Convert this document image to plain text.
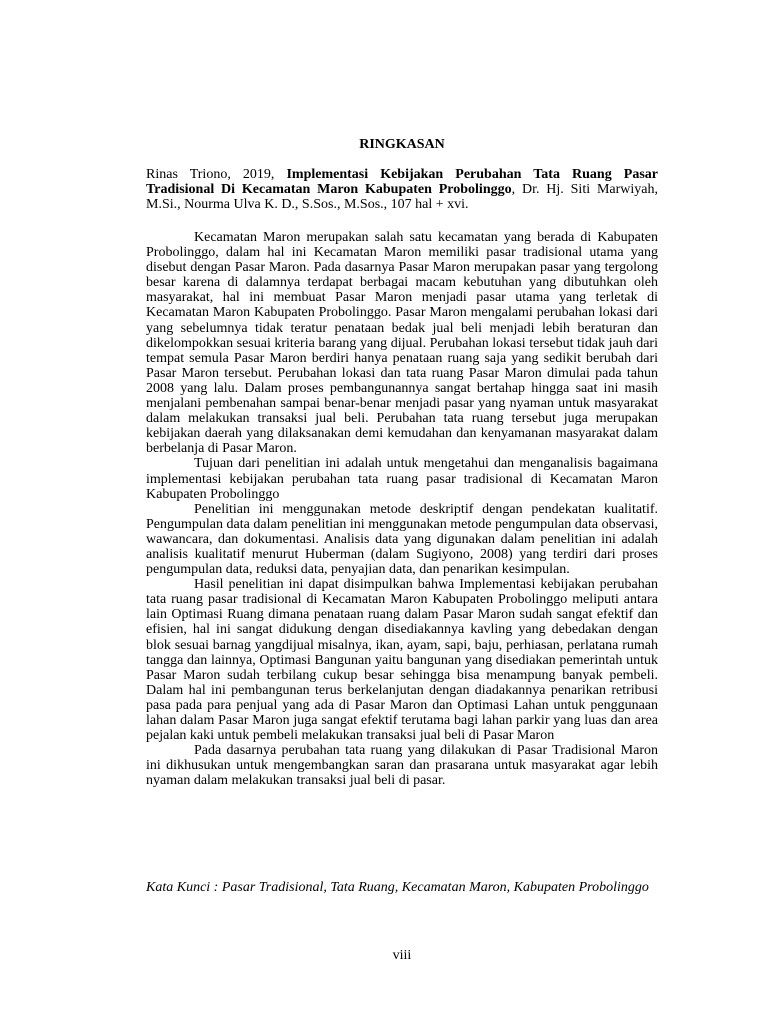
RINGKASAN

Rinas Triono, 2019, Implementasi Kebijakan Perubahan Tata Ruang Pasar Tradisional Di Kecamatan Maron Kabupaten Probolinggo, Dr. Hj. Siti Marwiyah, M.Si., Nourma Ulva K. D., S.Sos., M.Sos., 107 hal + xvi.

Kecamatan Maron merupakan salah satu kecamatan yang berada di Kabupaten Probolinggo, dalam hal ini Kecamatan Maron memiliki pasar tradisional utama yang disebut dengan Pasar Maron. Pada dasarnya Pasar Maron merupakan pasar yang tergolong besar karena di dalamnya terdapat berbagai macam kebutuhan yang dibutuhkan oleh masyarakat, hal ini membuat Pasar Maron menjadi pasar utama yang terletak di Kecamatan Maron Kabupaten Probolinggo. Pasar Maron mengalami perubahan lokasi dari yang sebelumnya tidak teratur penataan bedak jual beli menjadi lebih beraturan dan dikelompokkan sesuai kriteria barang yang dijual. Perubahan lokasi tersebut tidak jauh dari tempat semula Pasar Maron berdiri hanya penataan ruang saja yang sedikit berubah dari Pasar Maron tersebut. Perubahan lokasi dan tata ruang Pasar Maron dimulai pada tahun 2008 yang lalu. Dalam proses pembangunannya sangat bertahap hingga saat ini masih menjalani pembenahan sampai benar-benar menjadi pasar yang nyaman untuk masyarakat dalam melakukan transaksi jual beli. Perubahan tata ruang tersebut juga merupakan kebijakan daerah yang dilaksanakan demi kemudahan dan kenyamanan masyarakat dalam berbelanja di Pasar Maron.

Tujuan dari penelitian ini adalah untuk mengetahui dan menganalisis bagaimana implementasi kebijakan perubahan tata ruang pasar tradisional di Kecamatan Maron Kabupaten Probolinggo

Penelitian ini menggunakan metode deskriptif dengan pendekatan kualitatif. Pengumpulan data dalam penelitian ini menggunakan metode pengumpulan data observasi, wawancara, dan dokumentasi. Analisis data yang digunakan dalam penelitian ini adalah analisis kualitatif menurut Huberman (dalam Sugiyono, 2008) yang terdiri dari proses pengumpulan data, reduksi data, penyajian data, dan penarikan kesimpulan.

Hasil penelitian ini dapat disimpulkan bahwa Implementasi kebijakan perubahan tata ruang pasar tradisional di Kecamatan Maron Kabupaten Probolinggo meliputi antara lain Optimasi Ruang dimana penataan ruang dalam Pasar Maron sudah sangat efektif dan efisien, hal ini sangat didukung dengan disediakannya kavling yang debedakan dengan blok sesuai barnag yangdijual misalnya, ikan, ayam, sapi, baju, perhiasan, perlatana rumah tangga dan lainnya, Optimasi Bangunan yaitu bangunan yang disediakan pemerintah untuk Pasar Maron sudah terbilang cukup besar sehingga bisa menampung banyak pembeli. Dalam hal ini pembangunan terus berkelanjutan dengan diadakannya penarikan retribusi pasa pada para penjual yang ada di Pasar Maron dan Optimasi Lahan untuk penggunaan lahan dalam Pasar Maron juga sangat efektif terutama bagi lahan parkir yang luas dan area pejalan kaki untuk pembeli melakukan transaksi jual beli di Pasar Maron

Pada dasarnya perubahan tata ruang yang dilakukan di Pasar Tradisional Maron ini dikhusukan untuk mengembangkan saran dan prasarana untuk masyarakat agar lebih nyaman dalam melakukan transaksi jual beli di pasar.

Kata Kunci : Pasar Tradisional, Tata Ruang, Kecamatan Maron, Kabupaten Probolinggo

viii
